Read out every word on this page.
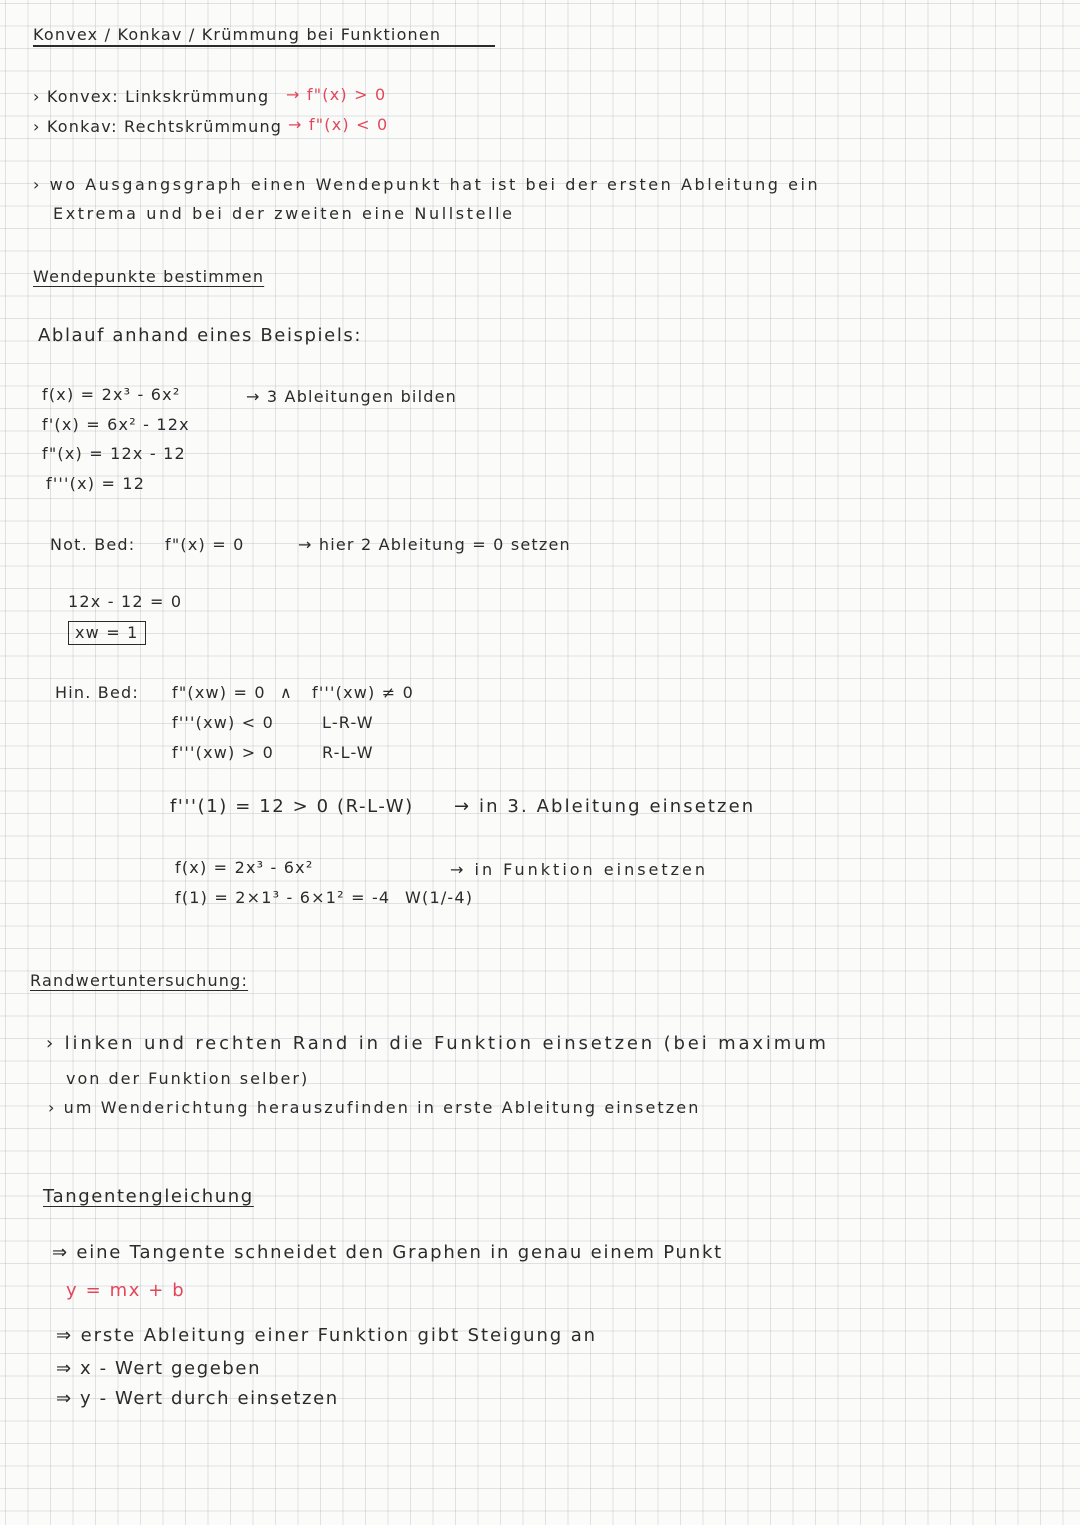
Konvex / Konkav / Krümmung bei Funktionen
› Konvex: Linkskrümmung → f"(x) > 0
› Konkav: Rechtskrümmung → f"(x) < 0
› wo Ausgangsgraph einen Wendepunkt hat ist bei der ersten Ableitung ein
Extrema und bei der zweiten eine Nullstelle
Wendepunkte bestimmen
Ablauf anhand eines Beispiels:
f(x) = 2x³ - 6x²
f'(x) = 6x² - 12x
f"(x) = 12x - 12
f'''(x) = 12
→ 3 Ableitungen bilden
Not. Bed: f"(x) = 0	→ hier 2 Ableitung = 0 setzen
12x - 12 = 0
xw = 1
Hin. Bed: f"(xw) = 0 ∧ f'''(xw) ≠ 0
f'''(xw) < 0	L-R-W
f'''(xw) > 0	R-L-W
f'''(1) = 12 > 0 (R-L-W) → in 3. Ableitung einsetzen
f(x) = 2x³ - 6x²	→ in Funktion einsetzen
f(1) = 2×1³ - 6×1² = -4 W(1/-4)
Randwertuntersuchung:
› linken und rechten Rand in die Funktion einsetzen (bei maximum
von der Funktion selber)
› um Wenderichtung herauszufinden in erste Ableitung einsetzen
Tangentengleichung
⇒ eine Tangente schneidet den Graphen in genau einem Punkt
y = mx + b
⇒ erste Ableitung einer Funktion gibt Steigung an
⇒ x - Wert gegeben
⇒ y - Wert durch einsetzen
